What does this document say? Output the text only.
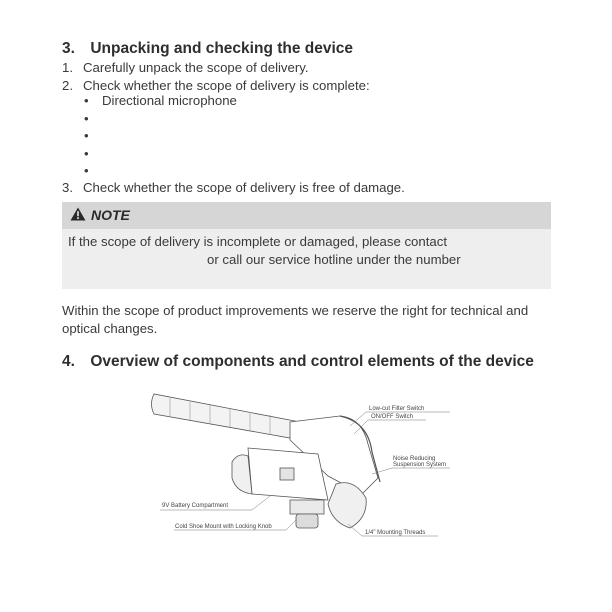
3. Unpacking and checking the device
1. Carefully unpack the scope of delivery.
2. Check whether the scope of delivery is complete:
• Directional microphone
•
•
•
•
3. Check whether the scope of delivery is free of damage.
NOTE
If the scope of delivery is incomplete or damaged, please contact
or call our service hotline under the number
Within the scope of product improvements we reserve the right for technical and optical changes.
4. Overview of components and control elements of the device
Low-cut Filter Switch
ON/OFF Switch
Noise Reducing
Suspension System
9V Battery Compartment
Cold Shoe Mount with Locking Knob
1/4" Mounting Threads
